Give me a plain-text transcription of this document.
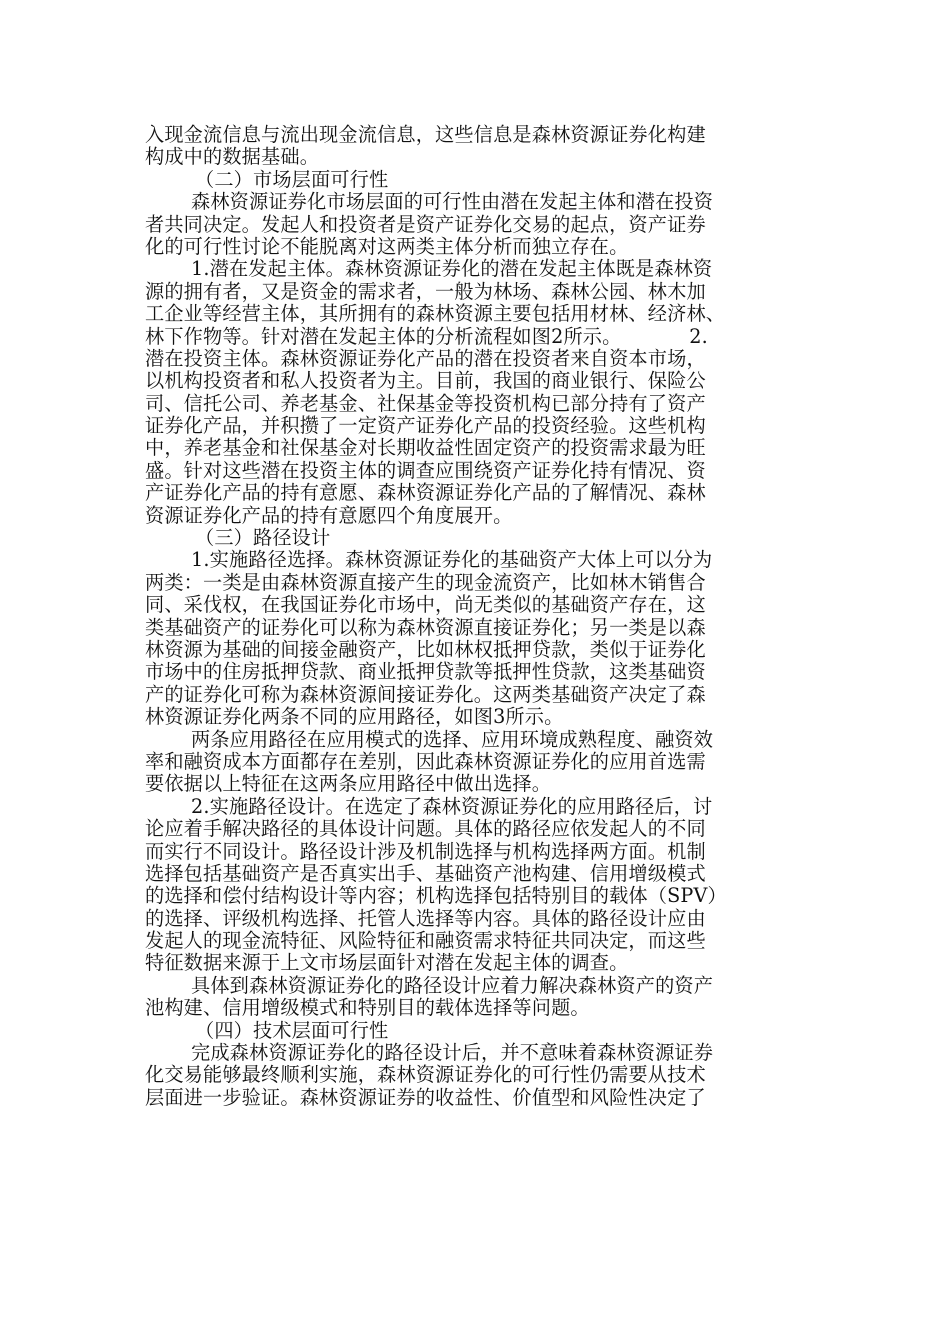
入现金流信息与流出现金流信息，这些信息是森林资源证券化构建
构成中的数据基础。
（二）市场层面可行性
森林资源证券化市场层面的可行性由潜在发起主体和潜在投资
者共同决定。发起人和投资者是资产证券化交易的起点，资产证券
化的可行性讨论不能脱离对这两类主体分析而独立存在。
1.潜在发起主体。森林资源证券化的潜在发起主体既是森林资
源的拥有者，又是资金的需求者，一般为林场、森林公园、林木加
工企业等经营主体，其所拥有的森林资源主要包括用材林、经济林、
林下作物等。针对潜在发起主体的分析流程如图2所示。　　　　2.
潜在投资主体。森林资源证券化产品的潜在投资者来自资本市场，
以机构投资者和私人投资者为主。目前，我国的商业银行、保险公
司、信托公司、养老基金、社保基金等投资机构已部分持有了资产
证券化产品，并积攒了一定资产证券化产品的投资经验。这些机构
中，养老基金和社保基金对长期收益性固定资产的投资需求最为旺
盛。针对这些潜在投资主体的调查应围绕资产证券化持有情况、资
产证券化产品的持有意愿、森林资源证券化产品的了解情况、森林
资源证券化产品的持有意愿四个角度展开。
（三）路径设计
1.实施路径选择。森林资源证券化的基础资产大体上可以分为
两类：一类是由森林资源直接产生的现金流资产，比如林木销售合
同、采伐权，在我国证券化市场中，尚无类似的基础资产存在，这
类基础资产的证券化可以称为森林资源直接证券化；另一类是以森
林资源为基础的间接金融资产，比如林权抵押贷款，类似于证券化
市场中的住房抵押贷款、商业抵押贷款等抵押性贷款，这类基础资
产的证券化可称为森林资源间接证券化。这两类基础资产决定了森
林资源证券化两条不同的应用路径，如图3所示。
两条应用路径在应用模式的选择、应用环境成熟程度、融资效
率和融资成本方面都存在差别，因此森林资源证券化的应用首选需
要依据以上特征在这两条应用路径中做出选择。
2.实施路径设计。在选定了森林资源证券化的应用路径后，讨
论应着手解决路径的具体设计问题。具体的路径应依发起人的不同
而实行不同设计。路径设计涉及机制选择与机构选择两方面。机制
选择包括基础资产是否真实出手、基础资产池构建、信用增级模式
的选择和偿付结构设计等内容；机构选择包括特别目的载体（SPV）
的选择、评级机构选择、托管人选择等内容。具体的路径设计应由
发起人的现金流特征、风险特征和融资需求特征共同决定，而这些
特征数据来源于上文市场层面针对潜在发起主体的调查。
具体到森林资源证券化的路径设计应着力解决森林资产的资产
池构建、信用增级模式和特别目的载体选择等问题。
（四）技术层面可行性
完成森林资源证券化的路径设计后，并不意味着森林资源证券
化交易能够最终顺利实施，森林资源证券化的可行性仍需要从技术
层面进一步验证。森林资源证券的收益性、价值型和风险性决定了
